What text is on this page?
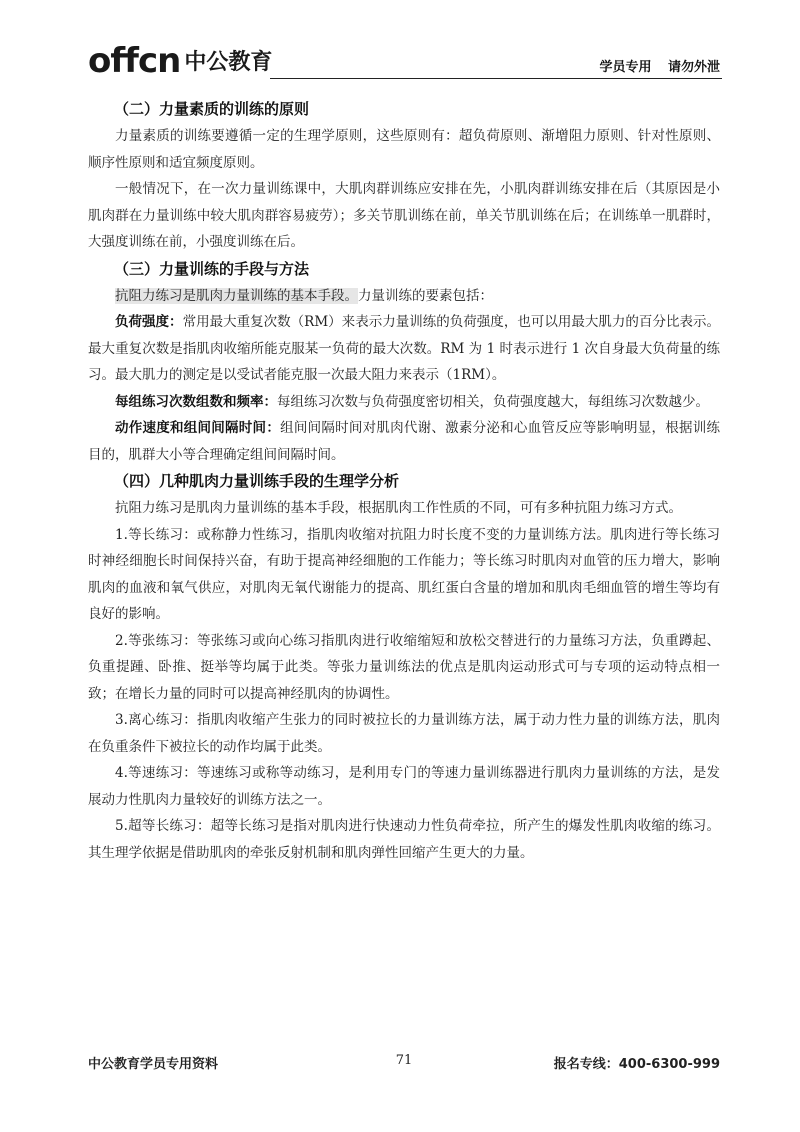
offcn 中公教育	学员专用 请勿外泄

（二）力量素质的训练的原则

力量素质的训练要遵循一定的生理学原则，这些原则有：超负荷原则、渐增阻力原则、针对性原则、顺序性原则和适宜频度原则。

一般情况下，在一次力量训练课中，大肌肉群训练应安排在先，小肌肉群训练安排在后（其原因是小肌肉群在力量训练中较大肌肉群容易疲劳）；多关节肌训练在前，单关节肌训练在后；在训练单一肌群时，大强度训练在前，小强度训练在后。

（三）力量训练的手段与方法

抗阻力练习是肌肉力量训练的基本手段。力量训练的要素包括：

负荷强度：常用最大重复次数（RM）来表示力量训练的负荷强度，也可以用最大肌力的百分比表示。最大重复次数是指肌肉收缩所能克服某一负荷的最大次数。RM 为 1 时表示进行 1 次自身最大负荷量的练习。最大肌力的测定是以受试者能克服一次最大阻力来表示（1RM）。

每组练习次数组数和频率：每组练习次数与负荷强度密切相关，负荷强度越大，每组练习次数越少。

动作速度和组间间隔时间：组间间隔时间对肌肉代谢、激素分泌和心血管反应等影响明显，根据训练目的，肌群大小等合理确定组间间隔时间。

（四）几种肌肉力量训练手段的生理学分析

抗阻力练习是肌肉力量训练的基本手段，根据肌肉工作性质的不同，可有多种抗阻力练习方式。

1.等长练习：或称静力性练习，指肌肉收缩对抗阻力时长度不变的力量训练方法。肌肉进行等长练习时神经细胞长时间保持兴奋，有助于提高神经细胞的工作能力；等长练习时肌肉对血管的压力增大，影响肌肉的血液和氧气供应，对肌肉无氧代谢能力的提高、肌红蛋白含量的增加和肌肉毛细血管的增生等均有良好的影响。

2.等张练习：等张练习或向心练习指肌肉进行收缩缩短和放松交替进行的力量练习方法，负重蹲起、负重提踵、卧推、挺举等均属于此类。等张力量训练法的优点是肌肉运动形式可与专项的运动特点相一致；在增长力量的同时可以提高神经肌肉的协调性。

3.离心练习：指肌肉收缩产生张力的同时被拉长的力量训练方法，属于动力性力量的训练方法，肌肉在负重条件下被拉长的动作均属于此类。

4.等速练习：等速练习或称等动练习，是利用专门的等速力量训练器进行肌肉力量训练的方法，是发展动力性肌肉力量较好的训练方法之一。

5.超等长练习：超等长练习是指对肌肉进行快速动力性负荷牵拉，所产生的爆发性肌肉收缩的练习。其生理学依据是借助肌肉的牵张反射机制和肌肉弹性回缩产生更大的力量。

中公教育学员专用资料	71	报名专线：400-6300-999
